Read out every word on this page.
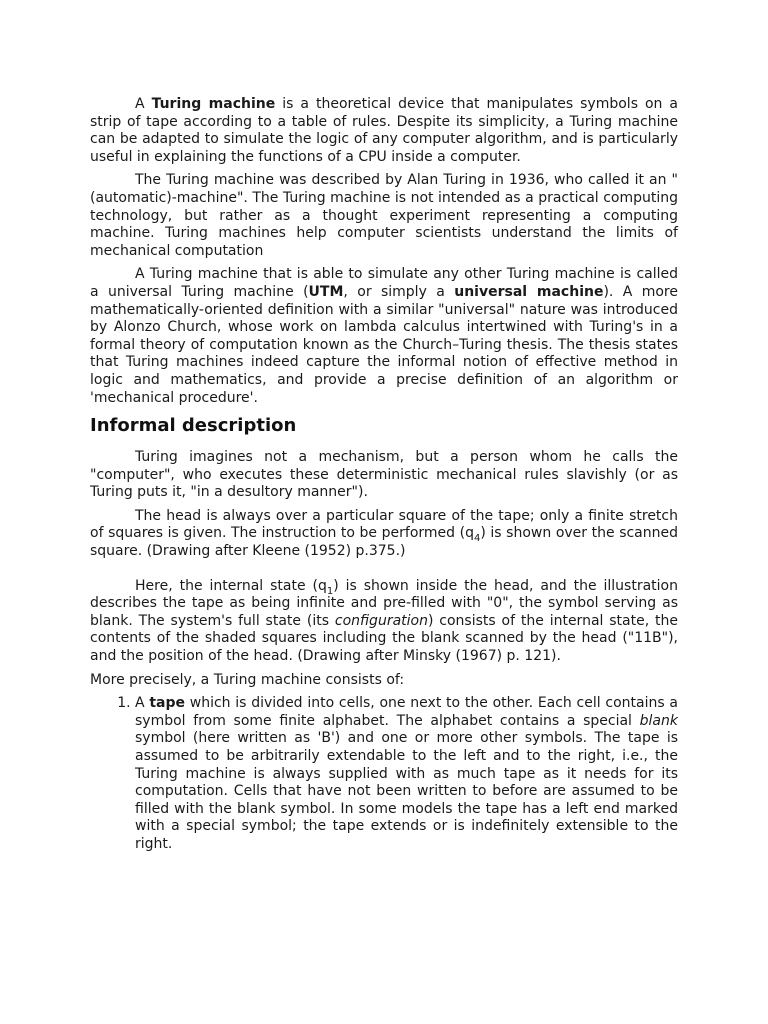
A Turing machine is a theoretical device that manipulates symbols on a strip of tape according to a table of rules. Despite its simplicity, a Turing machine can be adapted to simulate the logic of any computer algorithm, and is particularly useful in explaining the functions of a CPU inside a computer.

The Turing machine was described by Alan Turing in 1936, who called it an "(automatic)-machine". The Turing machine is not intended as a practical computing technology, but rather as a thought experiment representing a computing machine. Turing machines help computer scientists understand the limits of mechanical computation

A Turing machine that is able to simulate any other Turing machine is called a universal Turing machine (UTM, or simply a universal machine). A more mathematically-oriented definition with a similar "universal" nature was introduced by Alonzo Church, whose work on lambda calculus intertwined with Turing's in a formal theory of computation known as the Church–Turing thesis. The thesis states that Turing machines indeed capture the informal notion of effective method in logic and mathematics, and provide a precise definition of an algorithm or 'mechanical procedure'.

Informal description

Turing imagines not a mechanism, but a person whom he calls the "computer", who executes these deterministic mechanical rules slavishly (or as Turing puts it, "in a desultory manner").

The head is always over a particular square of the tape; only a finite stretch of squares is given. The instruction to be performed $(q_4)$ is shown over the scanned square. (Drawing after Kleene (1952) p.375.)

Here, the internal state $(q_1)$ is shown inside the head, and the illustration describes the tape as being infinite and pre-filled with "0", the symbol serving as blank. The system's full state (its configuration) consists of the internal state, the contents of the shaded squares including the blank scanned by the head ("11B"), and the position of the head. (Drawing after Minsky (1967) p. 121).

More precisely, a Turing machine consists of:

1. A tape which is divided into cells, one next to the other. Each cell contains a symbol from some finite alphabet. The alphabet contains a special blank symbol (here written as 'B') and one or more other symbols. The tape is assumed to be arbitrarily extendable to the left and to the right, i.e., the Turing machine is always supplied with as much tape as it needs for its computation. Cells that have not been written to before are assumed to be filled with the blank symbol. In some models the tape has a left end marked with a special symbol; the tape extends or is indefinitely extensible to the right.
